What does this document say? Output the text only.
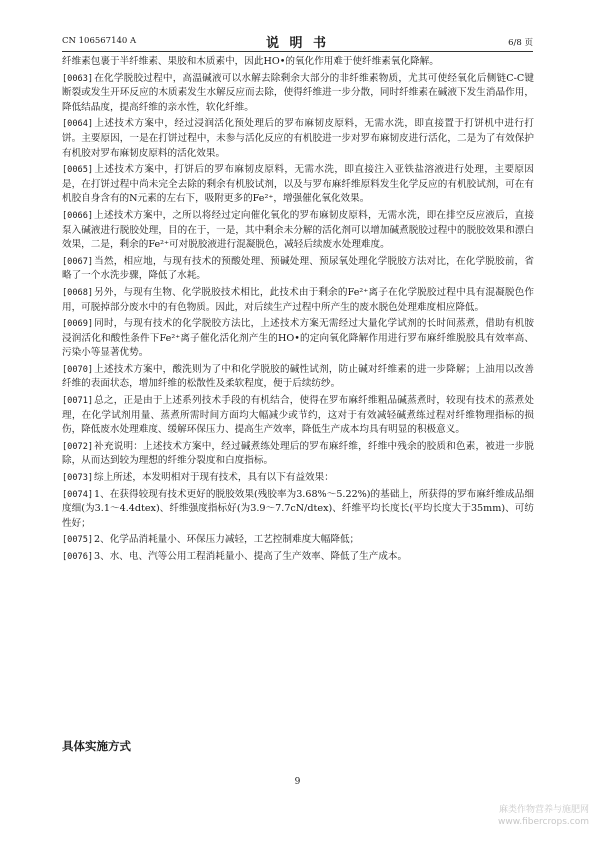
CN 106567140 A	说 明 书	6/8 页

纤维素包裹于半纤维素、果胶和木质素中，因此HO•的氧化作用难于使纤维素氧化降解。

[0063]在化学脱胶过程中，高温碱液可以水解去除剩余大部分的非纤维素物质，尤其可使经氧化后侧链C-C键断裂或发生开环反应的木质素发生水解反应而去除，使得纤维进一步分散，同时纤维素在碱液下发生消晶作用，降低结晶度，提高纤维的亲水性，软化纤维。

[0064]上述技术方案中，经过浸润活化预处理后的罗布麻韧皮原料，无需水洗，即直接置于打饼机中进行打饼。主要原因，一是在打饼过程中，未参与活化反应的有机胶进一步对罗布麻韧皮进行活化，二是为了有效保护有机胶对罗布麻韧皮原料的活化效果。

[0065]上述技术方案中，打饼后的罗布麻韧皮原料，无需水洗，即直接注入亚铁盐溶液进行处理，主要原因是，在打饼过程中尚未完全去除的剩余有机胶试剂，以及与罗布麻纤维原料发生化学反应的有机胶试剂，可在有机胶自身含有的N元素的左右下，吸附更多的Fe²⁺，增强催化氧化效果。

[0066]上述技术方案中，之所以将经过定向催化氧化的罗布麻韧皮原料，无需水洗，即在排空反应液后，直接泵入碱液进行脱胶处理，目的在于，一是，其中剩余未分解的活化剂可以增加碱煮脱胶过程中的脱胶效果和漂白效果，二是，剩余的Fe²⁺可对脱胶液进行混凝脱色，减轻后续废水处理难度。

[0067]当然，相应地，与现有技术的预酸处理、预碱处理、预尿氧处理化学脱胶方法对比，在化学脱胶前，省略了一个水洗步骤，降低了水耗。

[0068]另外，与现有生物、化学脱胶技术相比，此技术由于剩余的Fe²⁺离子在化学脱胶过程中具有混凝脱色作用，可脱掉部分废水中的有色物质。因此，对后续生产过程中所产生的废水脱色处理难度相应降低。

[0069]同时，与现有技术的化学脱胶方法比，上述技术方案无需经过大量化学试剂的长时间蒸煮，借助有机胺浸润活化和酸性条件下Fe²⁺离子催化活化剂产生的HO•的定向氧化降解作用进行罗布麻纤维脱胶具有效率高、污染小等显著优势。

[0070]上述技术方案中，酸洗则为了中和化学脱胶的碱性试剂，防止碱对纤维素的进一步降解；上油用以改善纤维的表面状态，增加纤维的松散性及柔软程度，便于后续纺纱。

[0071]总之，正是由于上述系列技术手段的有机结合，使得在罗布麻纤维粗品碱蒸煮时，较现有技术的蒸煮处理，在化学试剂用量、蒸煮所需时间方面均大幅减少或节约，这对于有效减轻碱煮练过程对纤维物理指标的损伤，降低废水处理难度、缓解环保压力、提高生产效率，降低生产成本均具有明显的积极意义。

[0072]补充说明：上述技术方案中，经过碱煮练处理后的罗布麻纤维，纤维中残余的胶质和色素，被进一步脱除，从而达到较为理想的纤维分裂度和白度指标。

[0073]综上所述，本发明相对于现有技术，具有以下有益效果：

[0074]1、在获得较现有技术更好的脱胶效果(残胶率为3.68%～5.22%)的基础上，所获得的罗布麻纤维成品细度细(为3.1～4.4dtex)、纤维强度指标好(为3.9～7.7cN/dtex)、纤维平均长度长(平均长度大于35mm)、可纺性好；

[0075]2、化学品消耗量小、环保压力减轻，工艺控制难度大幅降低；

[0076]3、水、电、汽等公用工程消耗量小、提高了生产效率、降低了生产成本。

具体实施方式
9
麻类作物营养与施肥网
www.fibercrops.com
